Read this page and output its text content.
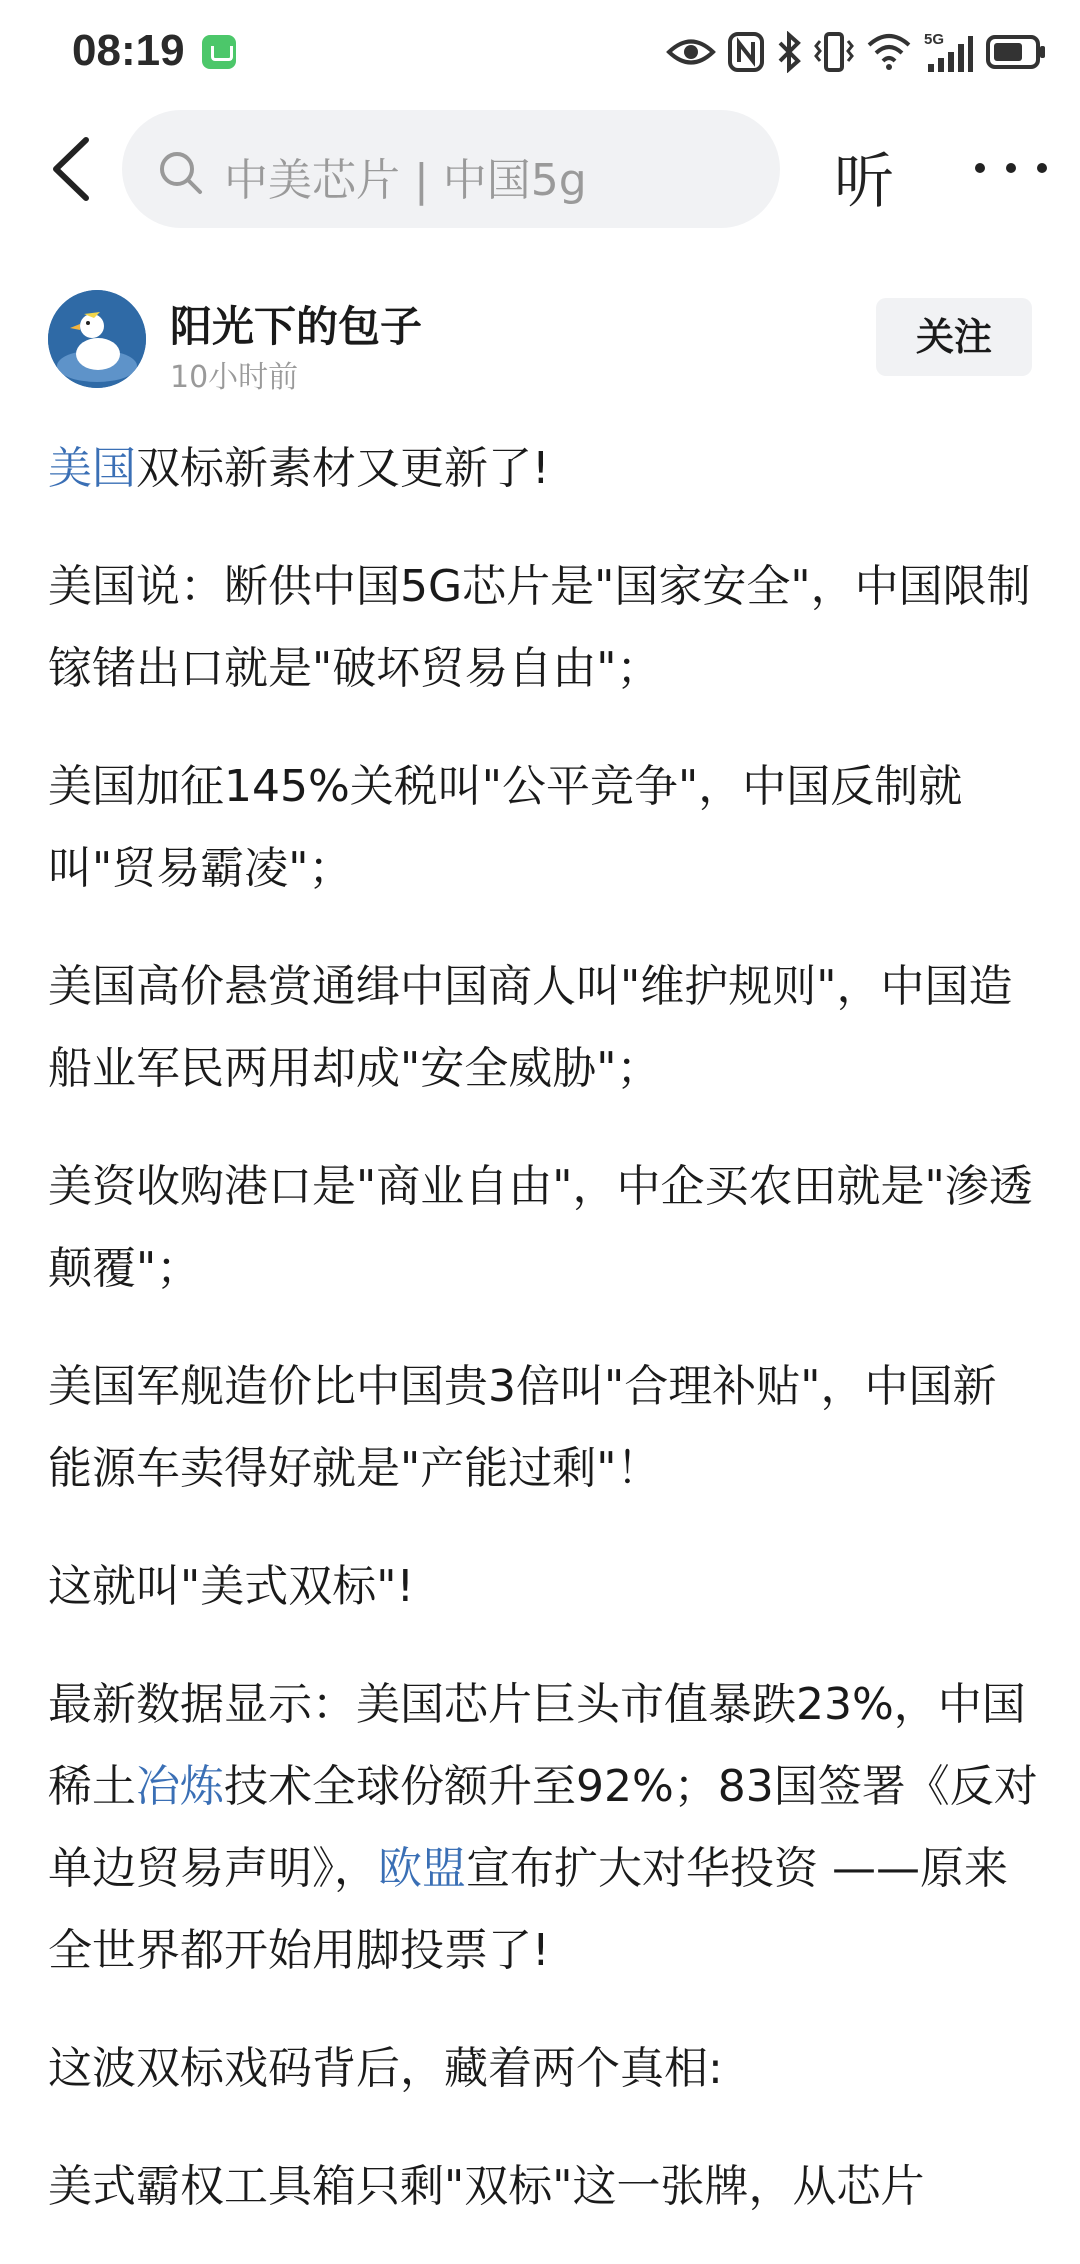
08:19	5G
中美芯片 | 中国5g	听
阳光下的包子
10小时前
关注

美国双标新素材又更新了!

美国说：断供中国5G芯片是"国家安全"，中国限制镓锗出口就是"破坏贸易自由"；

美国加征145%关税叫"公平竞争"，中国反制就叫"贸易霸凌"；

美国高价悬赏通缉中国商人叫"维护规则"，中国造船业军民两用却成"安全威胁"；

美资收购港口是"商业自由"，中企买农田就是"渗透颠覆"；

美国军舰造价比中国贵3倍叫"合理补贴"，中国新能源车卖得好就是"产能过剩"！

这就叫"美式双标"!

最新数据显示：美国芯片巨头市值暴跌23%，中国稀土冶炼技术全球份额升至92%；83国签署《反对单边贸易声明》，欧盟宣布扩大对华投资 ——原来全世界都开始用脚投票了!

这波双标戏码背后，藏着两个真相:

美式霸权工具箱只剩"双标"这一张牌，从芯片
